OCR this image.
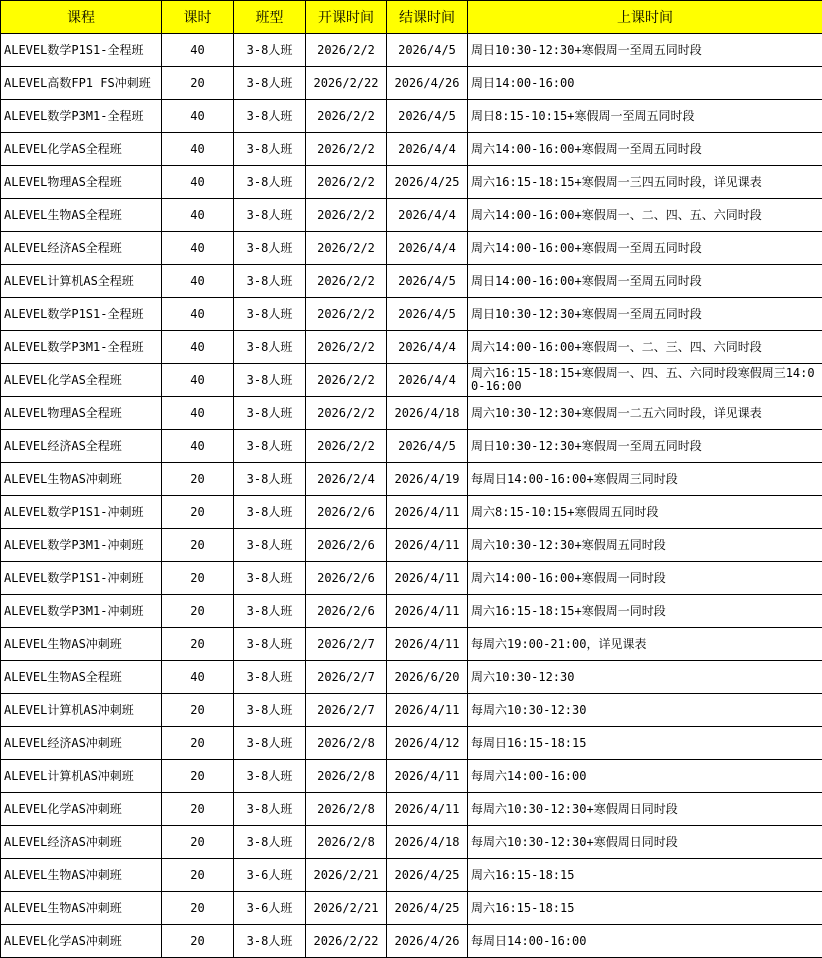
课程	课时	班型	开课时间	结课时间	上课时间
ALEVEL数学P1S1-全程班	40	3-8人班	2026/2/2	2026/4/5	周日10:30-12:30+寒假周一至周五同时段
ALEVEL高数FP1 FS冲刺班	20	3-8人班	2026/2/22	2026/4/26	周日14:00-16:00
ALEVEL数学P3M1-全程班	40	3-8人班	2026/2/2	2026/4/5	周日8:15-10:15+寒假周一至周五同时段
ALEVEL化学AS全程班	40	3-8人班	2026/2/2	2026/4/4	周六14:00-16:00+寒假周一至周五同时段
ALEVEL物理AS全程班	40	3-8人班	2026/2/2	2026/4/25	周六16:15-18:15+寒假周一三四五同时段，详见课表
ALEVEL生物AS全程班	40	3-8人班	2026/2/2	2026/4/4	周六14:00-16:00+寒假周一、二、四、五、六同时段
ALEVEL经济AS全程班	40	3-8人班	2026/2/2	2026/4/4	周六14:00-16:00+寒假周一至周五同时段
ALEVEL计算机AS全程班	40	3-8人班	2026/2/2	2026/4/5	周日14:00-16:00+寒假周一至周五同时段
ALEVEL数学P1S1-全程班	40	3-8人班	2026/2/2	2026/4/5	周日10:30-12:30+寒假周一至周五同时段
ALEVEL数学P3M1-全程班	40	3-8人班	2026/2/2	2026/4/4	周六14:00-16:00+寒假周一、二、三、四、六同时段
ALEVEL化学AS全程班	40	3-8人班	2026/2/2	2026/4/4	周六16:15-18:15+寒假周一、四、五、六同时段寒假周三14:00-16:00
ALEVEL物理AS全程班	40	3-8人班	2026/2/2	2026/4/18	周六10:30-12:30+寒假周一二五六同时段，详见课表
ALEVEL经济AS全程班	40	3-8人班	2026/2/2	2026/4/5	周日10:30-12:30+寒假周一至周五同时段
ALEVEL生物AS冲刺班	20	3-8人班	2026/2/4	2026/4/19	每周日14:00-16:00+寒假周三同时段
ALEVEL数学P1S1-冲刺班	20	3-8人班	2026/2/6	2026/4/11	周六8:15-10:15+寒假周五同时段
ALEVEL数学P3M1-冲刺班	20	3-8人班	2026/2/6	2026/4/11	周六10:30-12:30+寒假周五同时段
ALEVEL数学P1S1-冲刺班	20	3-8人班	2026/2/6	2026/4/11	周六14:00-16:00+寒假周一同时段
ALEVEL数学P3M1-冲刺班	20	3-8人班	2026/2/6	2026/4/11	周六16:15-18:15+寒假周一同时段
ALEVEL生物AS冲刺班	20	3-8人班	2026/2/7	2026/4/11	每周六19:00-21:00，详见课表
ALEVEL生物AS全程班	40	3-8人班	2026/2/7	2026/6/20	周六10:30-12:30
ALEVEL计算机AS冲刺班	20	3-8人班	2026/2/7	2026/4/11	每周六10:30-12:30
ALEVEL经济AS冲刺班	20	3-8人班	2026/2/8	2026/4/12	每周日16:15-18:15
ALEVEL计算机AS冲刺班	20	3-8人班	2026/2/8	2026/4/11	每周六14:00-16:00
ALEVEL化学AS冲刺班	20	3-8人班	2026/2/8	2026/4/11	每周六10:30-12:30+寒假周日同时段
ALEVEL经济AS冲刺班	20	3-8人班	2026/2/8	2026/4/18	每周六10:30-12:30+寒假周日同时段
ALEVEL生物AS冲刺班	20	3-6人班	2026/2/21	2026/4/25	周六16:15-18:15
ALEVEL生物AS冲刺班	20	3-6人班	2026/2/21	2026/4/25	周六16:15-18:15
ALEVEL化学AS冲刺班	20	3-8人班	2026/2/22	2026/4/26	每周日14:00-16:00
